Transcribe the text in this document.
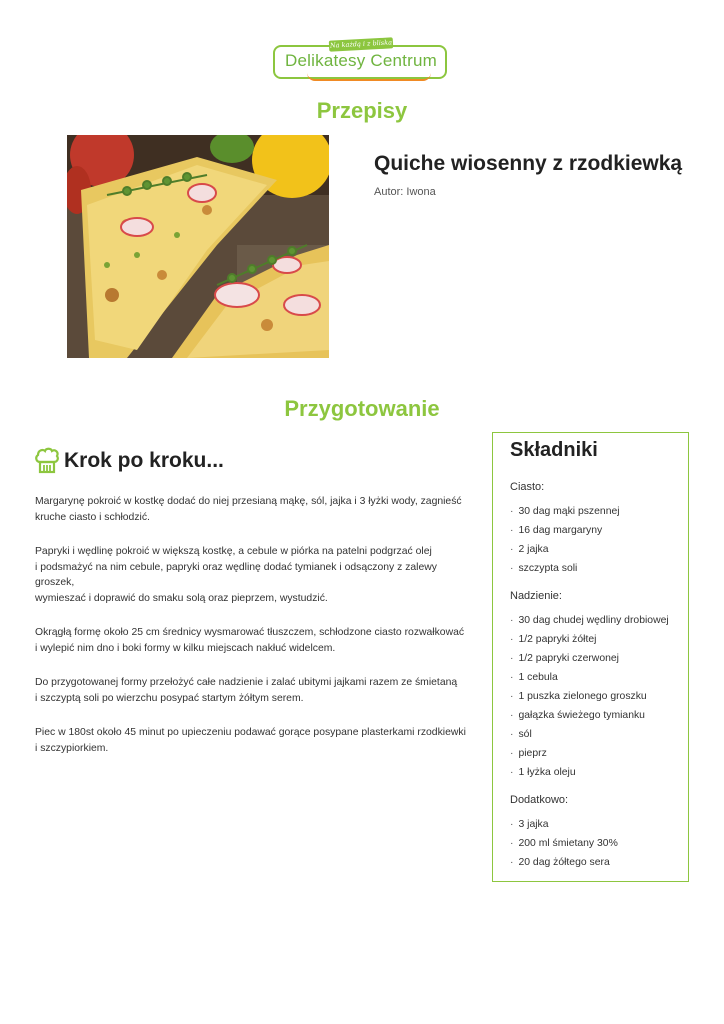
Na każdą i z bliska
Delikatesy Centrum
Przepisy
Quiche wiosenny z rzodkiewką
Autor: Iwona
Przygotowanie
Krok po kroku...

Margarynę pokroić w kostkę dodać do niej przesianą mąkę, sól, jajka i 3 łyżki wody, zagnieść
kruche ciasto i schłodzić.

Papryki i wędlinę pokroić w większą kostkę, a cebule w piórka na patelni podgrzać olej
i podsmażyć na nim cebule, papryki oraz wędlinę dodać tymianek i odsączony z zalewy groszek,
wymieszać i doprawić do smaku solą oraz pieprzem, wystudzić.

Okrągłą formę około 25 cm średnicy wysmarować tłuszczem, schłodzone ciasto rozwałkować
i wylepić nim dno i boki formy w kilku miejscach nakłuć widelcem.

Do przygotowanej formy przełożyć całe nadzienie i zalać ubitymi jajkami razem ze śmietaną
i szczyptą soli po wierzchu posypać startym żółtym serem.

Piec w 180st około 45 minut po upieczeniu podawać gorące posypane plasterkami rzodkiewki
i szczypiorkiem.

Składniki
Ciasto:
· 30 dag mąki pszennej
· 16 dag margaryny
· 2 jajka
· szczypta soli
Nadzienie:
· 30 dag chudej wędliny drobiowej
· 1/2 papryki żółtej
· 1/2 papryki czerwonej
· 1 cebula
· 1 puszka zielonego groszku
· gałązka świeżego tymianku
· sól
· pieprz
· 1 łyżka oleju
Dodatkowo:
· 3 jajka
· 200 ml śmietany 30%
· 20 dag żółtego sera
